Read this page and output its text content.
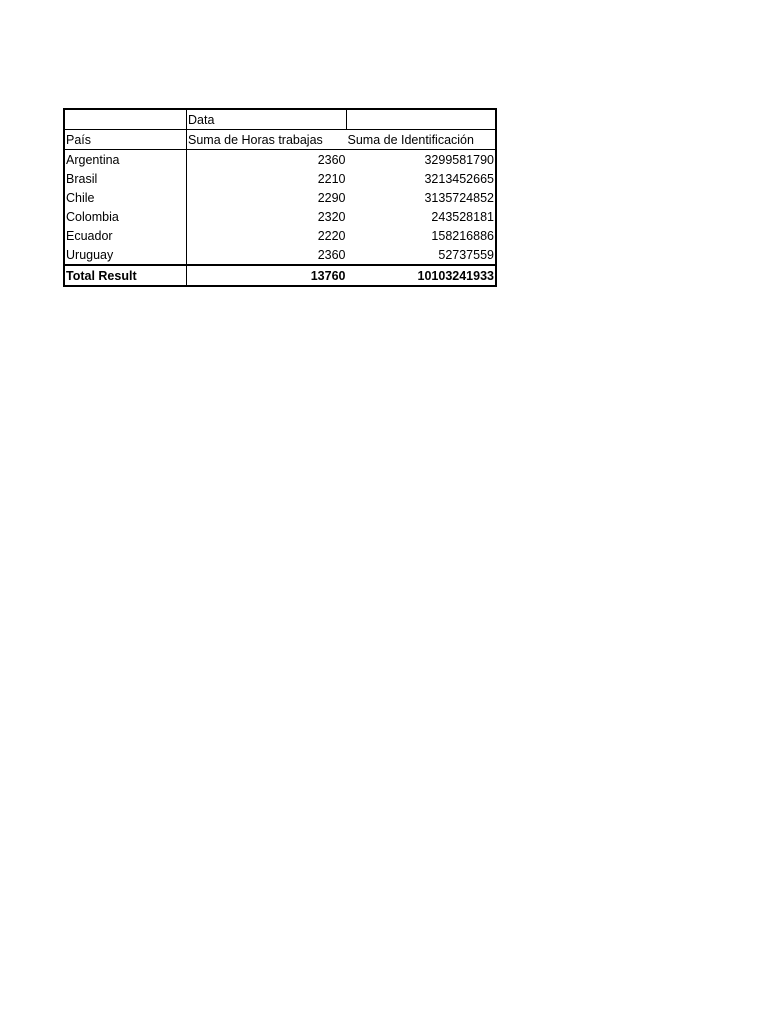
	Data	
País	Suma de Horas trabajas	Suma de Identificación
Argentina	2360	3299581790
Brasil	2210	3213452665
Chile	2290	3135724852
Colombia	2320	243528181
Ecuador	2220	158216886
Uruguay	2360	52737559
Total Result	13760	10103241933
